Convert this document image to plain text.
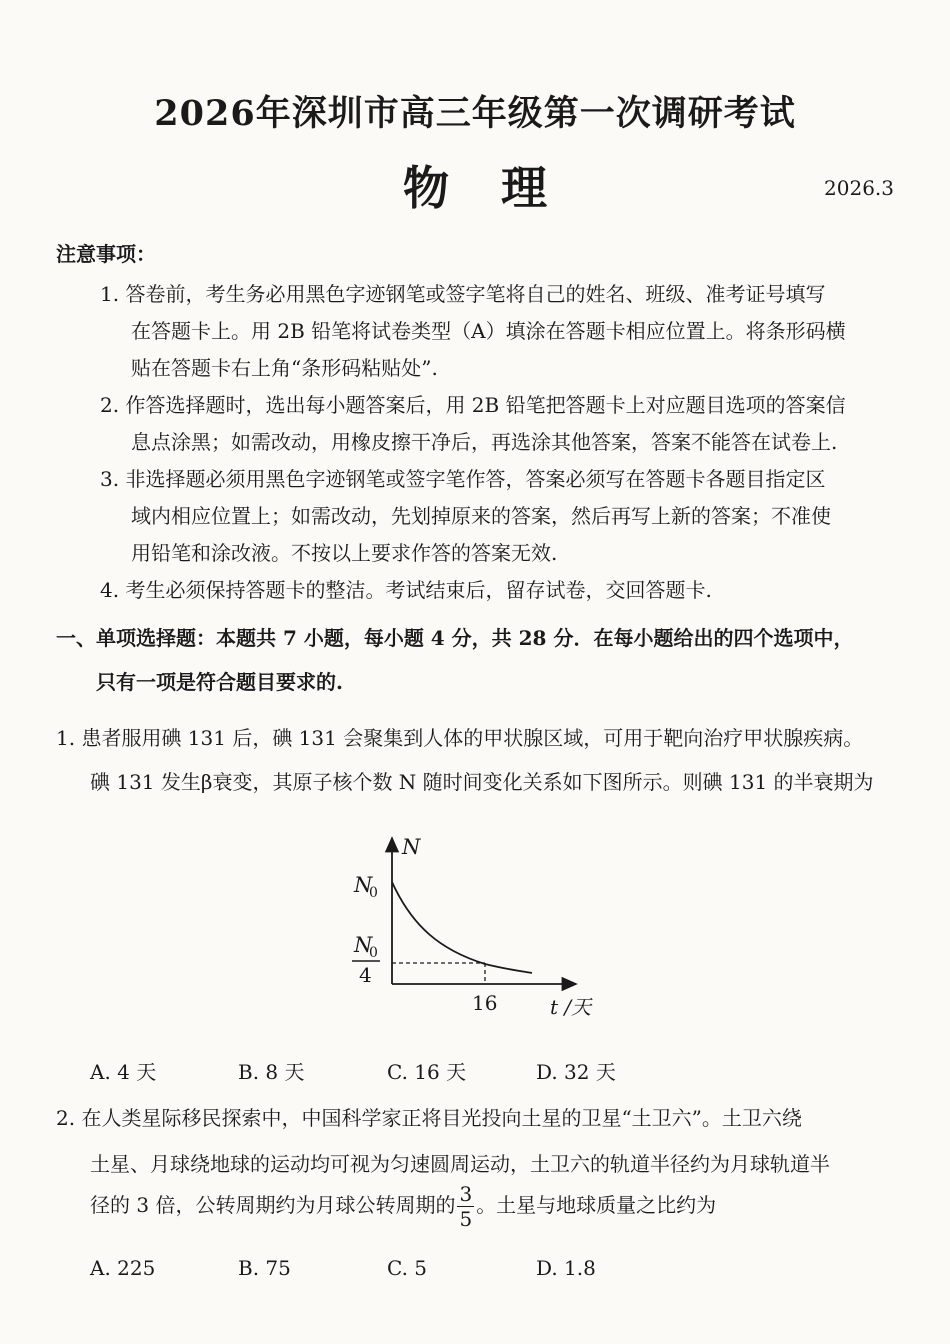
2026年深圳市高三年级第一次调研考试
物理	2026.3
注意事项：
1. 答卷前，考生务必用黑色字迹钢笔或签字笔将自己的姓名、班级、准考证号填写
在答题卡上。用 2B 铅笔将试卷类型（A）填涂在答题卡相应位置上。将条形码横
贴在答题卡右上角“条形码粘贴处”.
2. 作答选择题时，选出每小题答案后，用 2B 铅笔把答题卡上对应题目选项的答案信
息点涂黑；如需改动，用橡皮擦干净后，再选涂其他答案，答案不能答在试卷上.
3. 非选择题必须用黑色字迹钢笔或签字笔作答，答案必须写在答题卡各题目指定区
域内相应位置上；如需改动，先划掉原来的答案，然后再写上新的答案；不准使
用铅笔和涂改液。不按以上要求作答的答案无效.
4. 考生必须保持答题卡的整洁。考试结束后，留存试卷，交回答题卡.
一、单项选择题：本题共 7 小题，每小题 4 分，共 28 分．在每小题给出的四个选项中，
只有一项是符合题目要求的.
1. 患者服用碘 131 后，碘 131 会聚集到人体的甲状腺区域，可用于靶向治疗甲状腺疾病。
碘 131 发生β衰变，其原子核个数 N 随时间变化关系如下图所示。则碘 131 的半衰期为
N
N
0
N
0
4
16	t /天
A. 4 天	B. 8 天	C. 16 天	D. 32 天
2. 在人类星际移民探索中，中国科学家正将目光投向土星的卫星“土卫六”。土卫六绕
土星、月球绕地球的运动均可视为匀速圆周运动，土卫六的轨道半径约为月球轨道半
径的 3 倍，公转周期约为月球公转周期的 $\frac{3}{5}$ 。土星与地球质量之比约为
A. 225	B. 75	C. 5	D. 1.8
